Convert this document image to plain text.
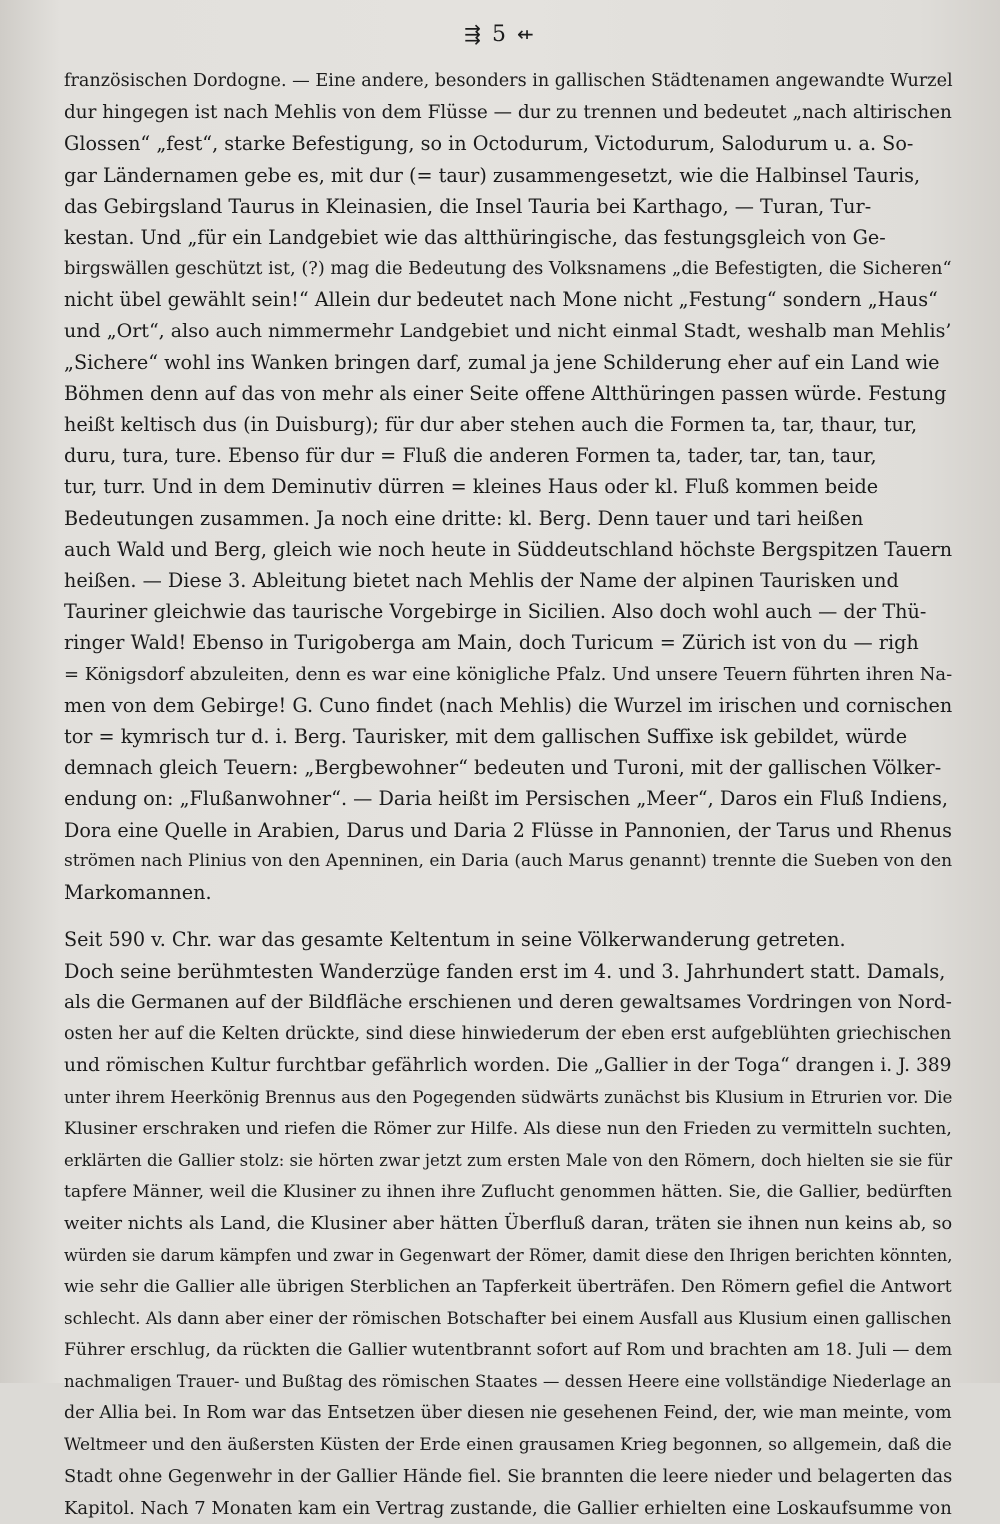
⇶ 5 ⇷
französischen Dordogne. — Eine andere, besonders in gallischen Städtenamen angewandte Wurzel
dur hingegen ist nach Mehlis von dem Flüsse — dur zu trennen und bedeutet „nach altirischen
Glossen“ „fest“, starke Befestigung, so in Octodurum, Victodurum, Salodurum u. a. So-
gar Ländernamen gebe es, mit dur (= taur) zusammengesetzt, wie die Halbinsel Tauris,
das Gebirgsland Taurus in Kleinasien, die Insel Tauria bei Karthago, — Turan, Tur-
kestan. Und „für ein Landgebiet wie das altthüringische, das festungsgleich von Ge-
birgswällen geschützt ist, (?) mag die Bedeutung des Volksnamens „die Befestigten, die Sicheren“
nicht übel gewählt sein!“ Allein dur bedeutet nach Mone nicht „Festung“ sondern „Haus“
und „Ort“, also auch nimmermehr Landgebiet und nicht einmal Stadt, weshalb man Mehlis’
„Sichere“ wohl ins Wanken bringen darf, zumal ja jene Schilderung eher auf ein Land wie
Böhmen denn auf das von mehr als einer Seite offene Altthüringen passen würde. Festung
heißt keltisch dus (in Duisburg); für dur aber stehen auch die Formen ta, tar, thaur, tur,
duru, tura, ture. Ebenso für dur = Fluß die anderen Formen ta, tader, tar, tan, taur,
tur, turr. Und in dem Deminutiv dürren = kleines Haus oder kl. Fluß kommen beide
Bedeutungen zusammen. Ja noch eine dritte: kl. Berg. Denn tauer und tari heißen
auch Wald und Berg, gleich wie noch heute in Süddeutschland höchste Bergspitzen Tauern
heißen. — Diese 3. Ableitung bietet nach Mehlis der Name der alpinen Taurisken und
Tauriner gleichwie das taurische Vorgebirge in Sicilien. Also doch wohl auch — der Thü-
ringer Wald! Ebenso in Turigoberga am Main, doch Turicum = Zürich ist von du — righ
= Königsdorf abzuleiten, denn es war eine königliche Pfalz. Und unsere Teuern führten ihren Na-
men von dem Gebirge! G. Cuno findet (nach Mehlis) die Wurzel im irischen und cornischen
tor = kymrisch tur d. i. Berg. Taurisker, mit dem gallischen Suffixe isk gebildet, würde
demnach gleich Teuern: „Bergbewohner“ bedeuten und Turoni, mit der gallischen Völker-
endung on: „Flußanwohner“. — Daria heißt im Persischen „Meer“, Daros ein Fluß Indiens,
Dora eine Quelle in Arabien, Darus und Daria 2 Flüsse in Pannonien, der Tarus und Rhenus
strömen nach Plinius von den Apenninen, ein Daria (auch Marus genannt) trennte die Sueben von den
Markomannen.
Seit 590 v. Chr. war das gesamte Keltentum in seine Völkerwanderung getreten.
Doch seine berühmtesten Wanderzüge fanden erst im 4. und 3. Jahrhundert statt. Damals,
als die Germanen auf der Bildfläche erschienen und deren gewaltsames Vordringen von Nord-
osten her auf die Kelten drückte, sind diese hinwiederum der eben erst aufgeblühten griechischen
und römischen Kultur furchtbar gefährlich worden. Die „Gallier in der Toga“ drangen i. J. 389
unter ihrem Heerkönig Brennus aus den Pogegenden südwärts zunächst bis Klusium in Etrurien vor. Die
Klusiner erschraken und riefen die Römer zur Hilfe. Als diese nun den Frieden zu vermitteln suchten,
erklärten die Gallier stolz: sie hörten zwar jetzt zum ersten Male von den Römern, doch hielten sie sie für
tapfere Männer, weil die Klusiner zu ihnen ihre Zuflucht genommen hätten. Sie, die Gallier, bedürften
weiter nichts als Land, die Klusiner aber hätten Überfluß daran, träten sie ihnen nun keins ab, so
würden sie darum kämpfen und zwar in Gegenwart der Römer, damit diese den Ihrigen berichten könnten,
wie sehr die Gallier alle übrigen Sterblichen an Tapferkeit überträfen. Den Römern gefiel die Antwort
schlecht. Als dann aber einer der römischen Botschafter bei einem Ausfall aus Klusium einen gallischen
Führer erschlug, da rückten die Gallier wutentbrannt sofort auf Rom und brachten am 18. Juli — dem
nachmaligen Trauer- und Bußtag des römischen Staates — dessen Heere eine vollständige Niederlage an
der Allia bei. In Rom war das Entsetzen über diesen nie gesehenen Feind, der, wie man meinte, vom
Weltmeer und den äußersten Küsten der Erde einen grausamen Krieg begonnen, so allgemein, daß die
Stadt ohne Gegenwehr in der Gallier Hände fiel. Sie brannten die leere nieder und belagerten das
Kapitol. Nach 7 Monaten kam ein Vertrag zustande, die Gallier erhielten eine Loskaufsumme von
